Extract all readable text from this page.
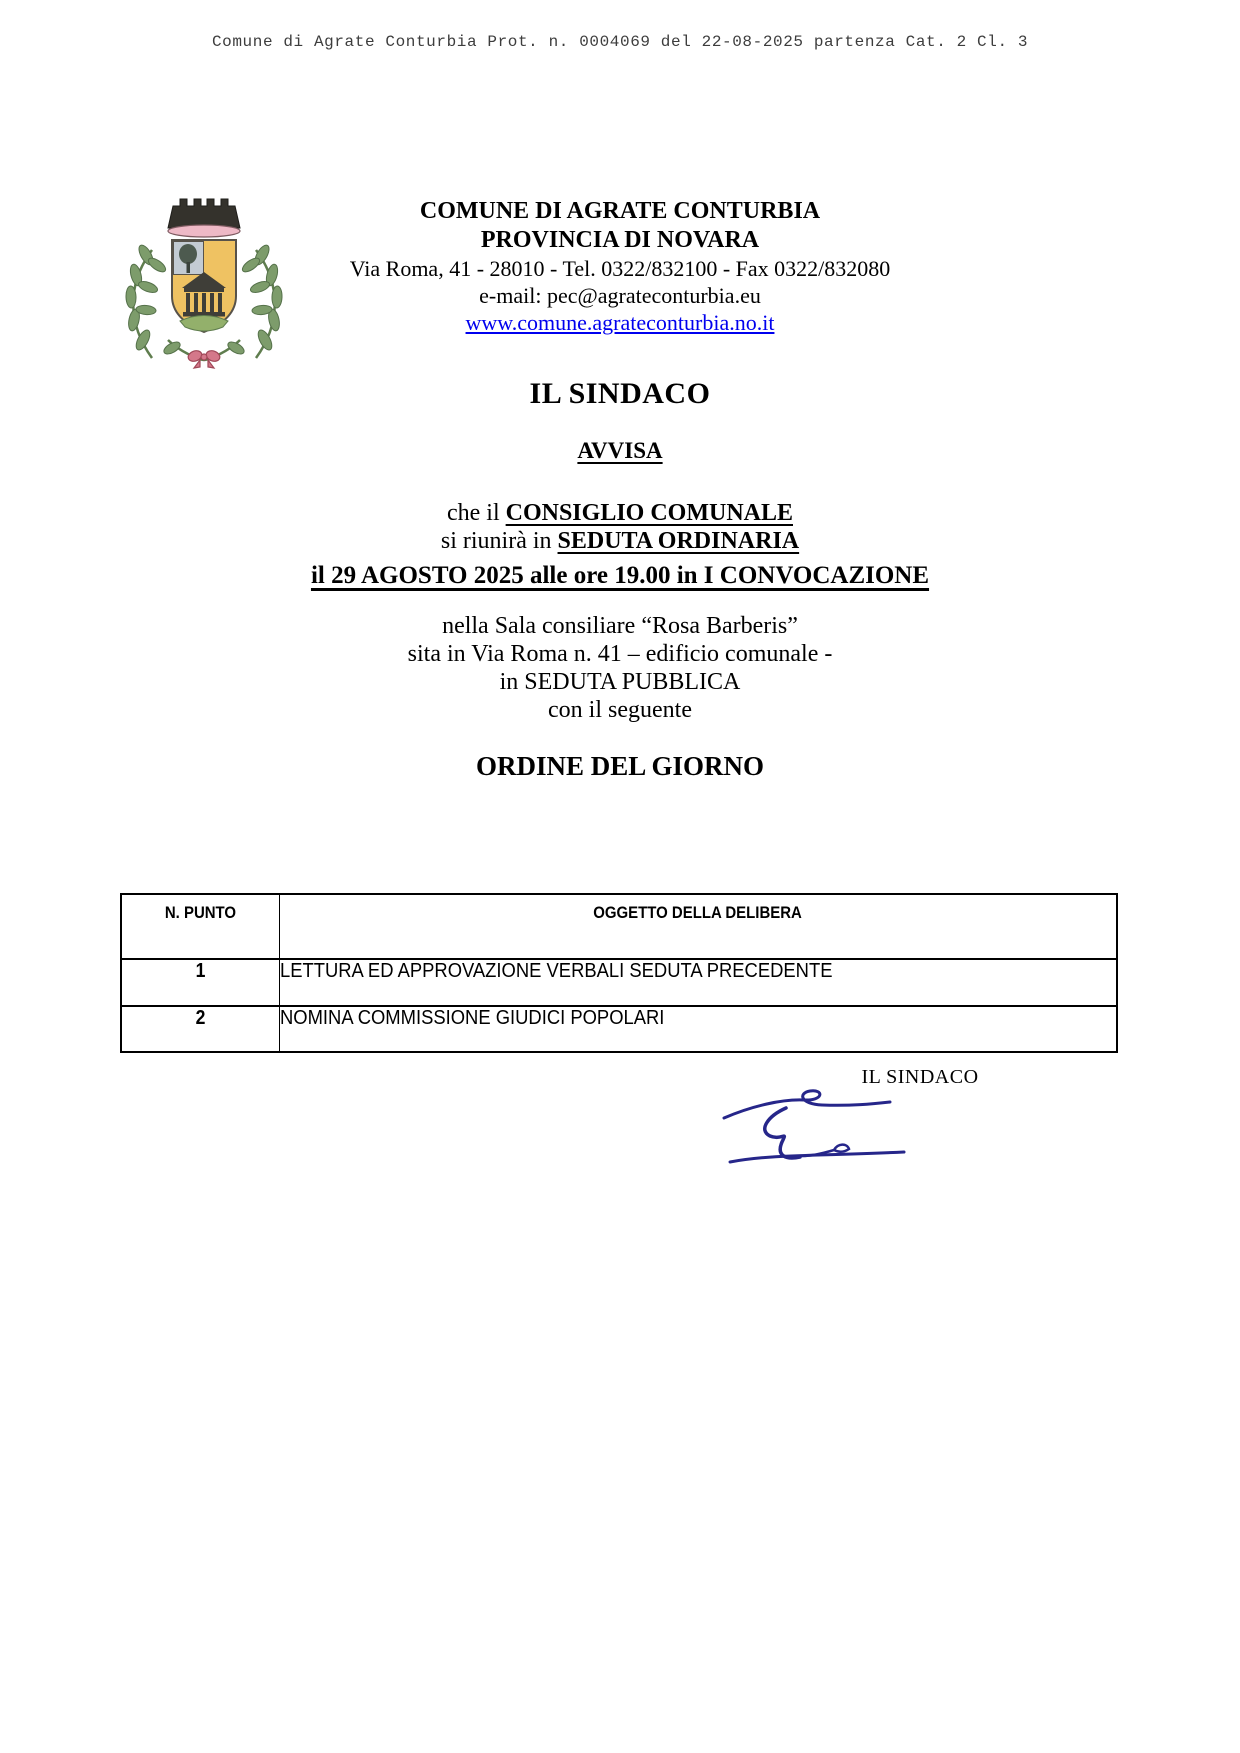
Comune di Agrate Conturbia Prot. n. 0004069 del 22-08-2025 partenza Cat. 2 Cl. 3
COMUNE DI AGRATE CONTURBIA
PROVINCIA DI NOVARA
Via Roma, 41 - 28010 - Tel. 0322/832100 - Fax 0322/832080
e-mail: pec@agrateconturbia.eu
www.comune.agrateconturbia.no.it
IL SINDACO
AVVISA
che il CONSIGLIO COMUNALE
si riunirà in SEDUTA ORDINARIA
il 29 AGOSTO 2025 alle ore 19.00 in I CONVOCAZIONE
nella Sala consiliare “Rosa Barberis”
sita in Via Roma n. 41 – edificio comunale -
in SEDUTA PUBBLICA
con il seguente
ORDINE DEL GIORNO
N. PUNTO	OGGETTO DELLA DELIBERA
1	LETTURA ED APPROVAZIONE VERBALI SEDUTA PRECEDENTE
2	NOMINA COMMISSIONE GIUDICI POPOLARI
IL SINDACO
